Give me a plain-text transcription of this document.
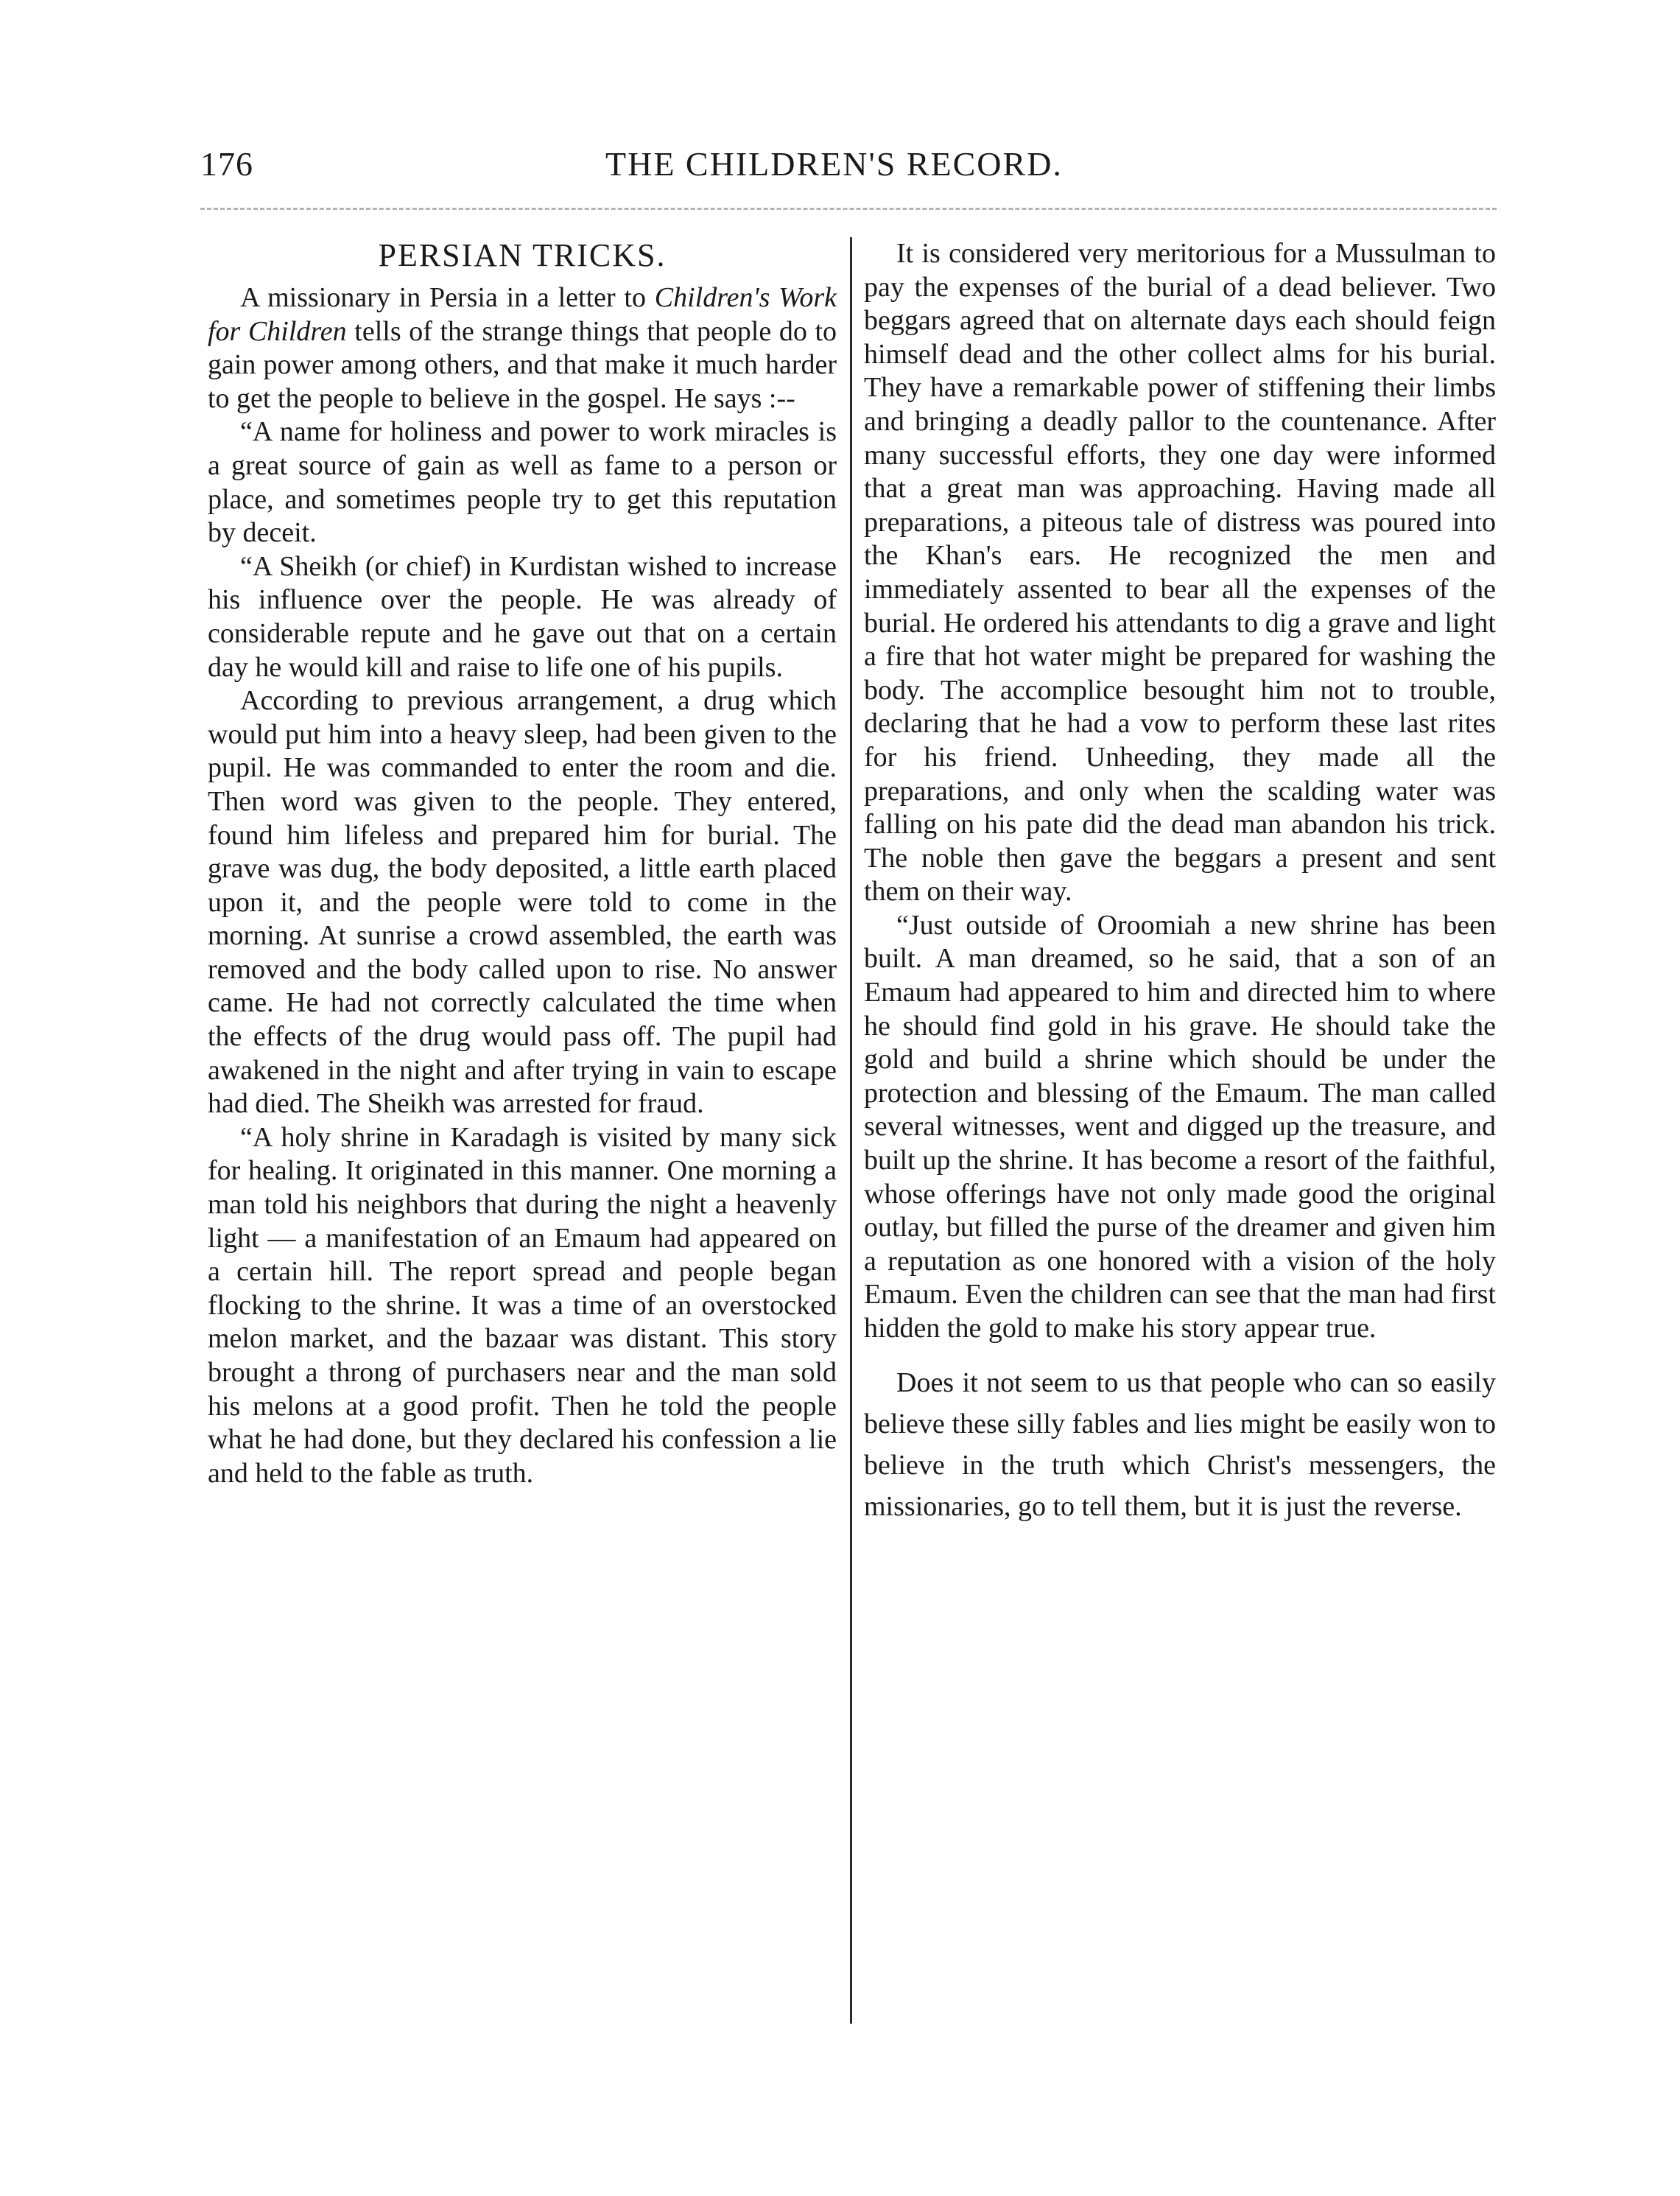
176	THE CHILDREN'S RECORD.
PERSIAN TRICKS.

A missionary in Persia in a letter to Children's Work for Children tells of the strange things that people do to gain power among others, and that make it much harder to get the people to believe in the gospel. He says :--

“A name for holiness and power to work miracles is a great source of gain as well as fame to a person or place, and sometimes people try to get this reputation by deceit.

“A Sheikh (or chief) in Kurdistan wished to increase his influence over the people. He was already of considerable repute and he gave out that on a certain day he would kill and raise to life one of his pupils.

According to previous arrangement, a drug which would put him into a heavy sleep, had been given to the pupil. He was commanded to enter the room and die. Then word was given to the people. They entered, found him lifeless and prepared him for burial. The grave was dug, the body deposited, a little earth placed upon it, and the people were told to come in the morning. At sunrise a crowd assembled, the earth was removed and the body called upon to rise. No answer came. He had not correctly calculated the time when the effects of the drug would pass off. The pupil had awakened in the night and after trying in vain to escape had died. The Sheikh was arrested for fraud.

“A holy shrine in Karadagh is visited by many sick for healing. It originated in this manner. One morning a man told his neighbors that during the night a heavenly light — a manifestation of an Emaum had appeared on a certain hill. The report spread and people began flocking to the shrine. It was a time of an overstocked melon market, and the bazaar was distant. This story brought a throng of purchasers near and the man sold his melons at a good profit. Then he told the people what he had done, but they declared his confession a lie and held to the fable as truth.

It is considered very meritorious for a Mussulman to pay the expenses of the burial of a dead believer. Two beggars agreed that on alternate days each should feign himself dead and the other collect alms for his burial. They have a remarkable power of stiffening their limbs and bringing a deadly pallor to the countenance. After many successful efforts, they one day were informed that a great man was approaching. Having made all preparations, a piteous tale of distress was poured into the Khan's ears. He recognized the men and immediately assented to bear all the expenses of the burial. He ordered his attendants to dig a grave and light a fire that hot water might be prepared for washing the body. The accomplice besought him not to trouble, declaring that he had a vow to perform these last rites for his friend. Unheeding, they made all the preparations, and only when the scalding water was falling on his pate did the dead man abandon his trick. The noble then gave the beggars a present and sent them on their way.

“Just outside of Oroomiah a new shrine has been built. A man dreamed, so he said, that a son of an Emaum had appeared to him and directed him to where he should find gold in his grave. He should take the gold and build a shrine which should be under the protection and blessing of the Emaum. The man called several witnesses, went and digged up the treasure, and built up the shrine. It has become a resort of the faithful, whose offerings have not only made good the original outlay, but filled the purse of the dreamer and given him a reputation as one honored with a vision of the holy Emaum. Even the children can see that the man had first hidden the gold to make his story appear true.

Does it not seem to us that people who can so easily believe these silly fables and lies might be easily won to believe in the truth which Christ's messengers, the missionaries, go to tell them, but it is just the reverse.
